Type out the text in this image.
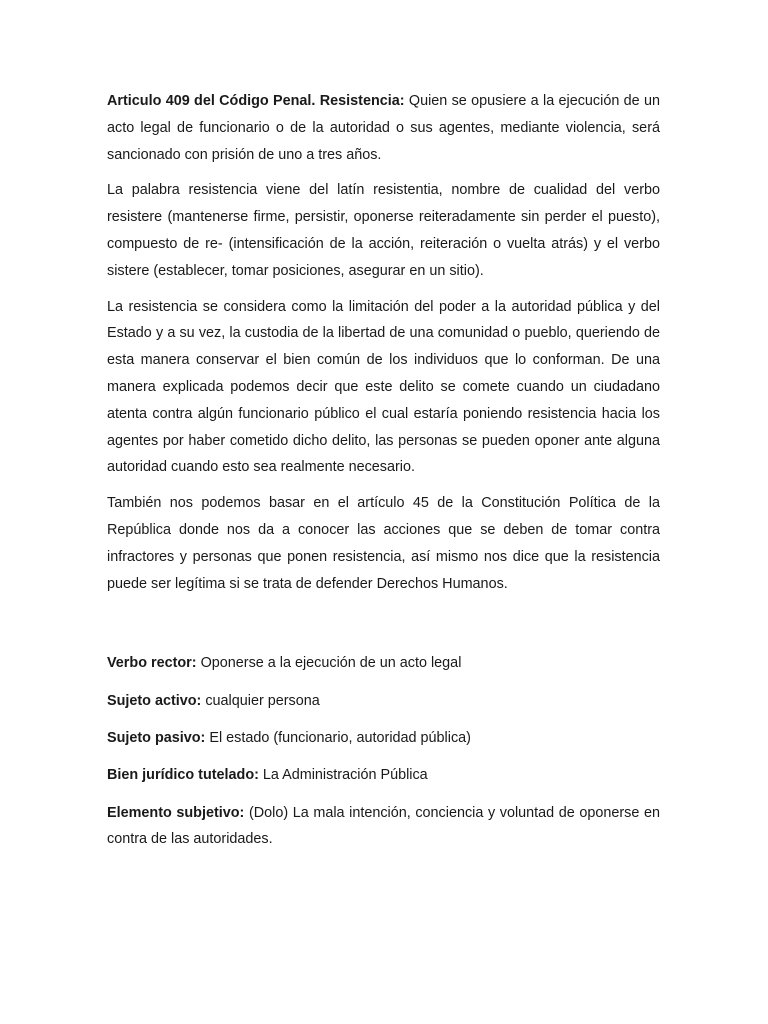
Articulo 409 del Código Penal. Resistencia: Quien se opusiere a la ejecución de un acto legal de funcionario o de la autoridad o sus agentes, mediante violencia, será sancionado con prisión de uno a tres años.

La palabra resistencia viene del latín resistentia, nombre de cualidad del verbo resistere (mantenerse firme, persistir, oponerse reiteradamente sin perder el puesto), compuesto de re- (intensificación de la acción, reiteración o vuelta atrás) y el verbo sistere (establecer, tomar posiciones, asegurar en un sitio).

La resistencia se considera como la limitación del poder a la autoridad pública y del Estado y a su vez, la custodia de la libertad de una comunidad o pueblo, queriendo de esta manera conservar el bien común de los individuos que lo conforman. De una manera explicada podemos decir que este delito se comete cuando un ciudadano atenta contra algún funcionario público el cual estaría poniendo resistencia hacia los agentes por haber cometido dicho delito, las personas se pueden oponer ante alguna autoridad cuando esto sea realmente necesario.

También nos podemos basar en el artículo 45 de la Constitución Política de la República donde nos da a conocer las acciones que se deben de tomar contra infractores y personas que ponen resistencia, así mismo nos dice que la resistencia puede ser legítima si se trata de defender Derechos Humanos.

Verbo rector: Oponerse a la ejecución de un acto legal

Sujeto activo: cualquier persona

Sujeto pasivo: El estado (funcionario, autoridad pública)

Bien jurídico tutelado: La Administración Pública

Elemento subjetivo: (Dolo) La mala intención, conciencia y voluntad de oponerse en contra de las autoridades.
